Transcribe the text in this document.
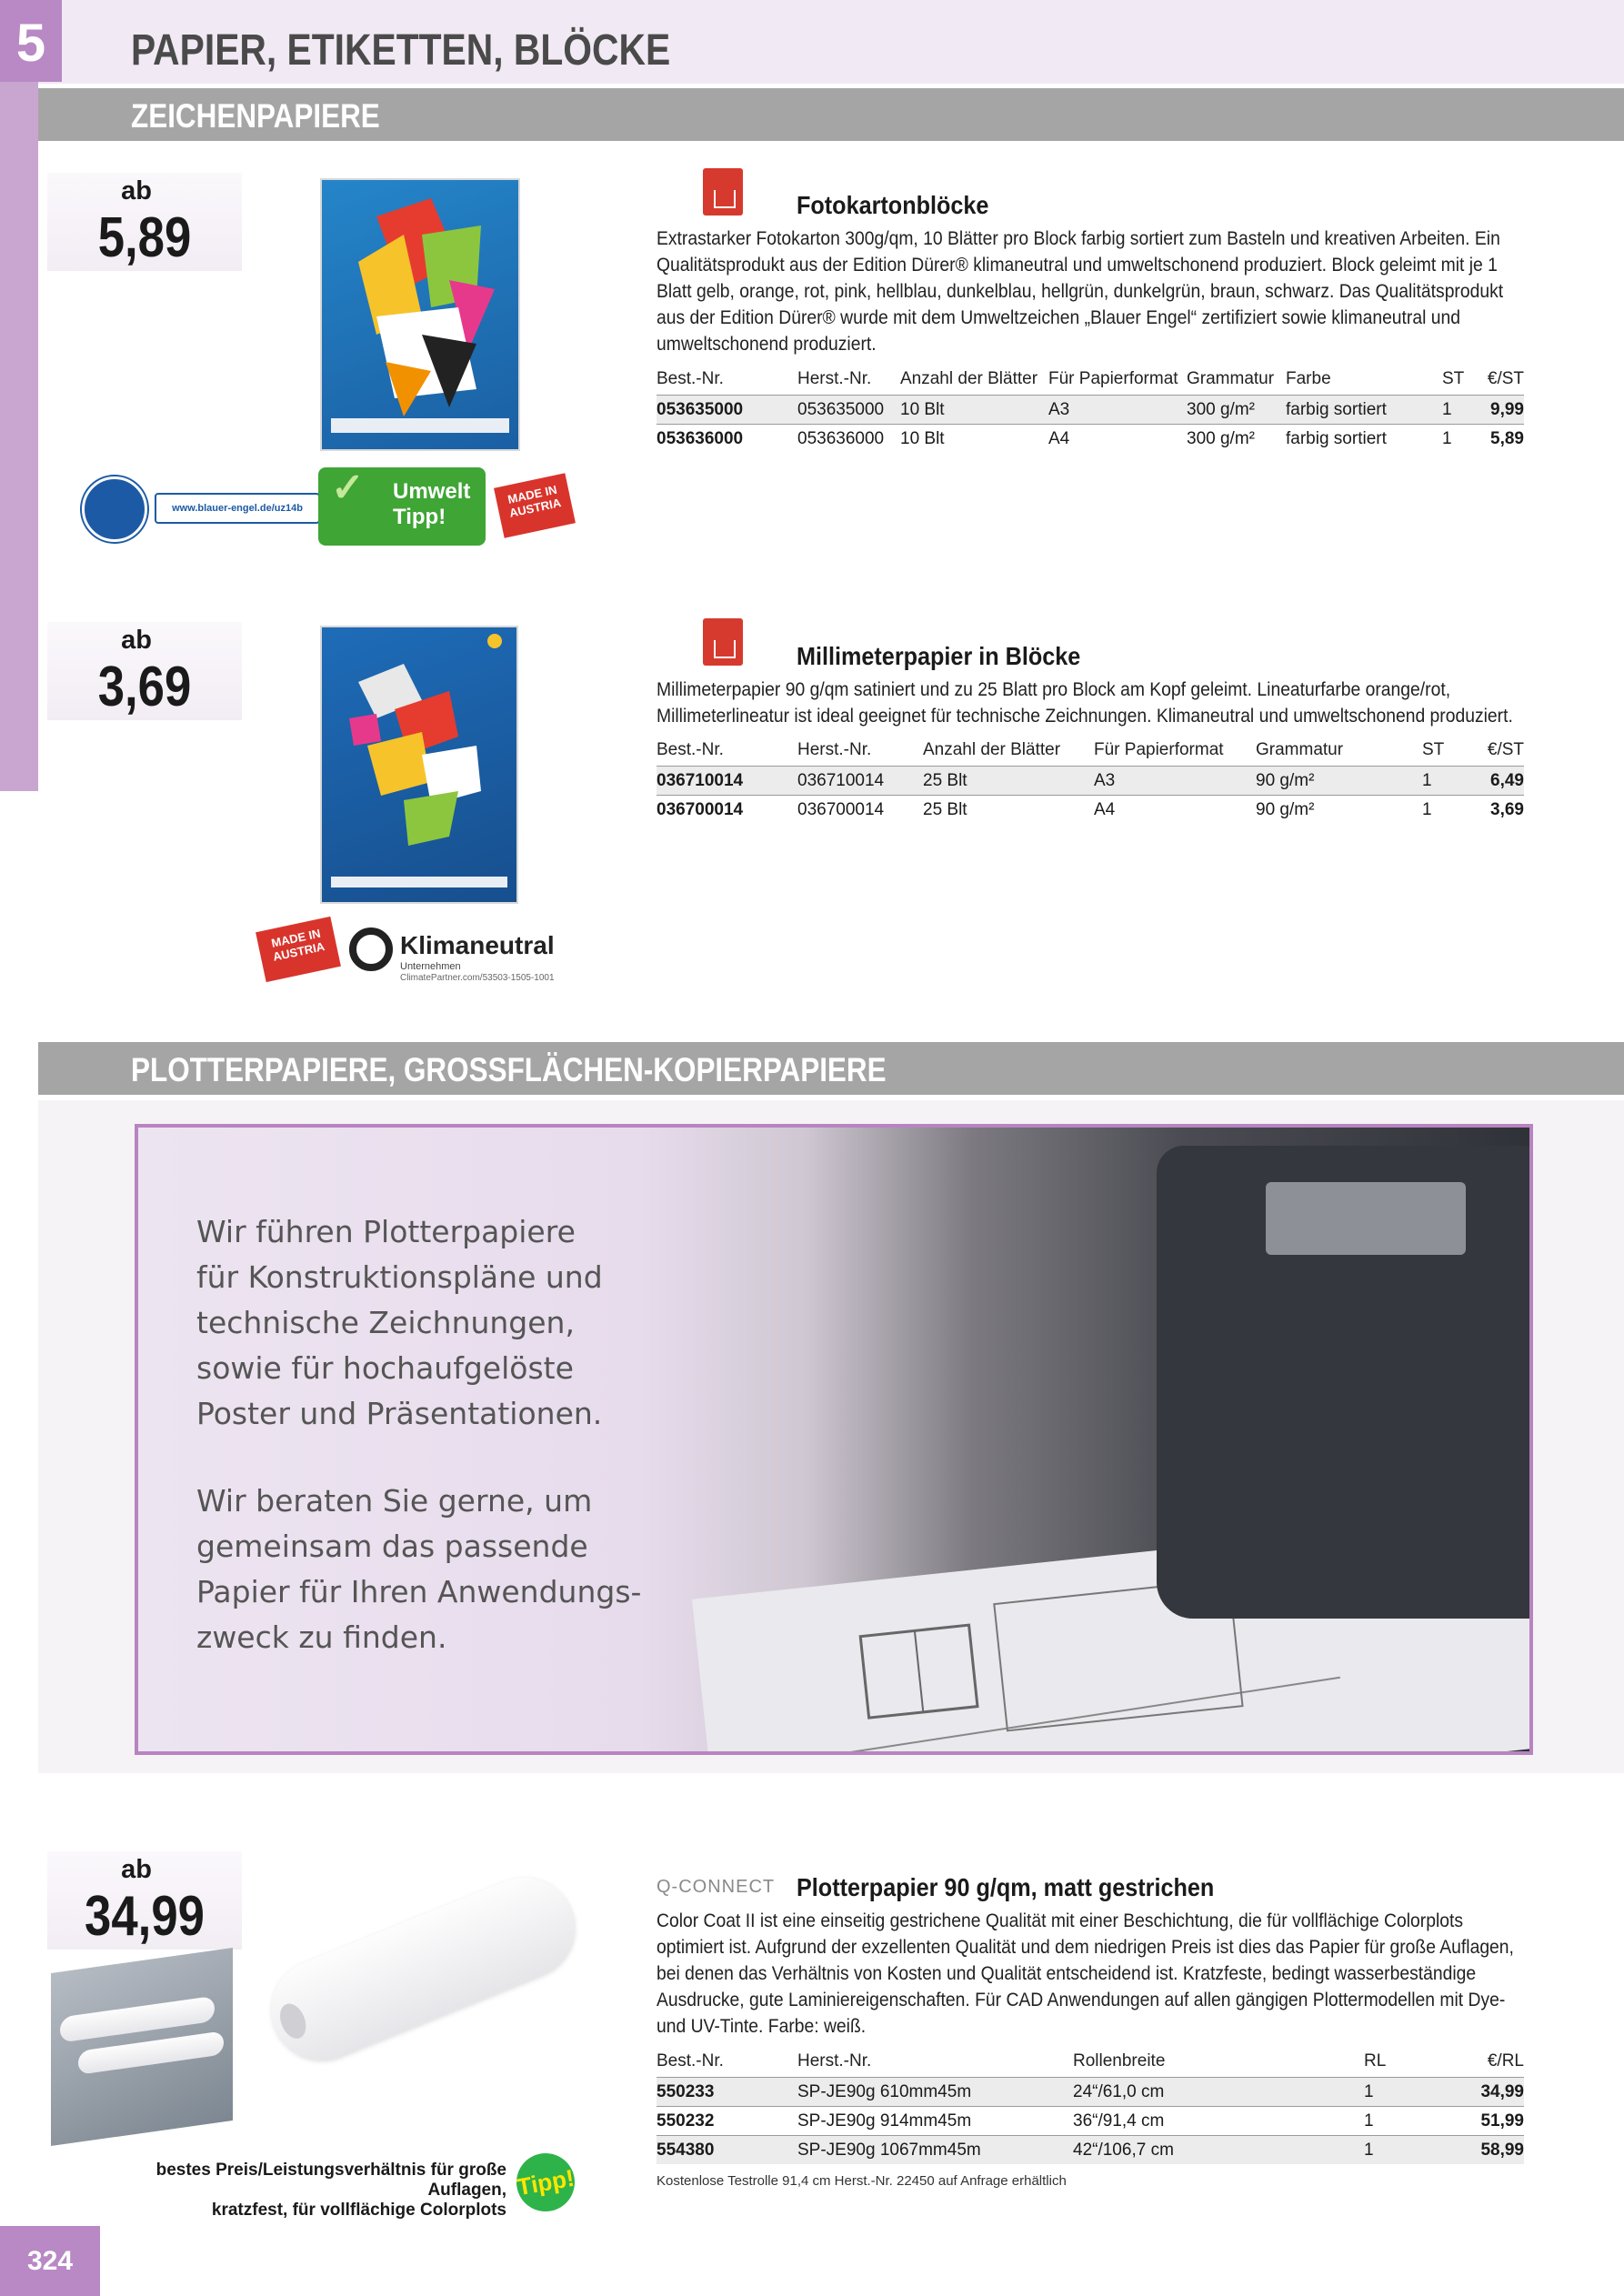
5	PAPIER, ETIKETTEN, BLÖCKE
ZEICHENPAPIERE
ab
5,89
Fotokartonblöcke
Extrastarker Fotokarton 300g/qm, 10 Blätter pro Block farbig sortiert zum Basteln und kreativen Arbeiten. Ein Qualitätsprodukt aus der Edition Dürer® klimaneutral und umweltschonend produziert. Block geleimt mit je 1 Blatt gelb, orange, rot, pink, hellblau, dunkelblau, hellgrün, dunkelgrün, braun, schwarz. Das Qualitätsprodukt aus der Edition Dürer® wurde mit dem Umweltzeichen „Blauer Engel“ zertifiziert sowie klimaneutral und umweltschonend produziert.
Best.-Nr.	Herst.-Nr.	Anzahl der Blätter	Für Papierformat	Grammatur	Farbe	ST	€/ST
053635000	053635000	10 Blt	A3	300 g/m²	farbig sortiert	1	9,99
053636000	053636000	10 Blt	A4	300 g/m²	farbig sortiert	1	5,89
www.blauer-engel.de/uz14b ✓ Umwelt
Tipp!
MADE IN AUSTRIA
ab
3,69	Millimeterpapier in Blöcke
Millimeterpapier 90 g/qm satiniert und zu 25 Blatt pro Block am Kopf geleimt. Lineaturfarbe orange/rot, Millimeterlineatur ist ideal geeignet für technische Zeichnungen. Klimaneutral und umweltschonend produziert.
Best.-Nr.	Herst.-Nr.	Anzahl der Blätter	Für Papierformat	Grammatur	ST	€/ST
036710014	036710014	25 Blt	A3	90 g/m²	1	6,49
036700014	036700014	25 Blt	A4	90 g/m²	1	3,69
MADE IN AUSTRIA	Klimaneutral
Unternehmen
ClimatePartner.com/53503-1505-1001
PLOTTERPAPIERE, GROSSFLÄCHEN-KOPIERPAPIERE
Wir führen Plotterpapiere
für Konstruktionspläne und
technische Zeichnungen,
sowie für hochaufgelöste
Poster und Präsentationen.
Wir beraten Sie gerne, um
gemeinsam das passende
Papier für Ihren Anwendungs-
zweck zu finden.
ab
34,99
bestes Preis/Leistungsverhältnis für große Auflagen,
kratzfest, für vollflächige Colorplots
Tipp!
Q-CONNECT Plotterpapier 90 g/qm, matt gestrichen
Color Coat II ist eine einseitig gestrichene Qualität mit einer Beschichtung, die für vollflächige Colorplots optimiert ist. Aufgrund der exzellenten Qualität und dem niedrigen Preis ist dies das Papier für große Auflagen, bei denen das Verhältnis von Kosten und Qualität entscheidend ist. Kratzfeste, bedingt wasserbeständige Ausdrucke, gute Laminiereigenschaften. Für CAD Anwendungen auf allen gängigen Plottermodellen mit Dye- und UV-Tinte. Farbe: weiß.
Best.-Nr.	Herst.-Nr.	Rollenbreite	RL	€/RL
550233	SP-JE90g 610mm45m	24“/61,0 cm	1	34,99
550232	SP-JE90g 914mm45m	36“/91,4 cm	1	51,99
554380	SP-JE90g 1067mm45m	42“/106,7 cm	1	58,99
Kostenlose Testrolle 91,4 cm Herst.-Nr. 22450 auf Anfrage erhältlich
324
